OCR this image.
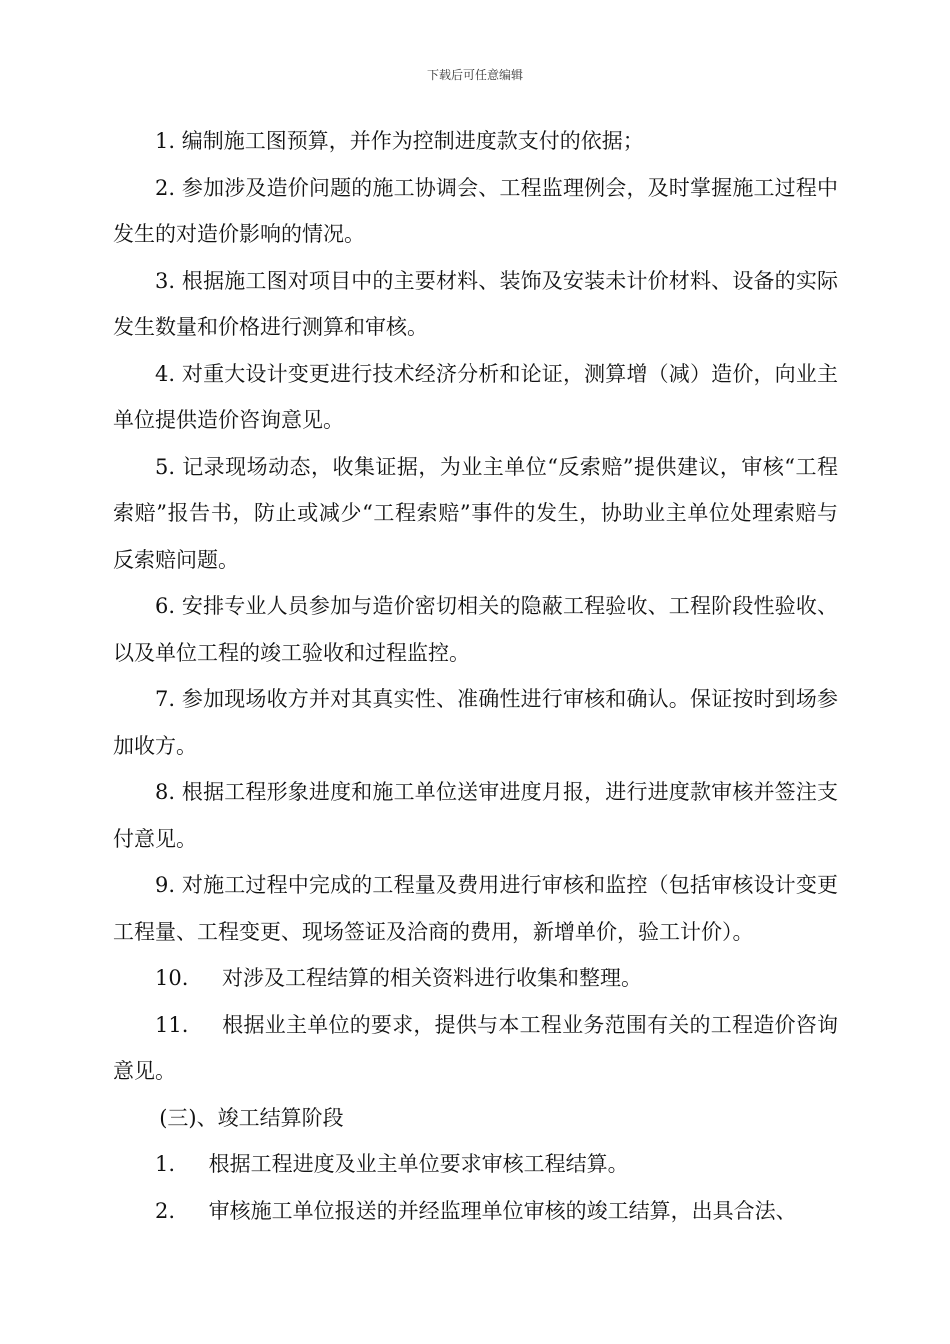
下载后可任意编辑

1. 编制施工图预算，并作为控制进度款支付的依据；

2. 参加涉及造价问题的施工协调会、工程监理例会，及时掌握施工过程中发生的对造价影响的情况。

3. 根据施工图对项目中的主要材料、装饰及安装未计价材料、设备的实际发生数量和价格进行测算和审核。

4. 对重大设计变更进行技术经济分析和论证，测算增（减）造价，向业主单位提供造价咨询意见。

5. 记录现场动态，收集证据，为业主单位“反索赔”提供建议，审核“工程索赔”报告书，防止或减少“工程索赔”事件的发生，协助业主单位处理索赔与反索赔问题。

6. 安排专业人员参加与造价密切相关的隐蔽工程验收、工程阶段性验收、以及单位工程的竣工验收和过程监控。

7. 参加现场收方并对其真实性、准确性进行审核和确认。保证按时到场参加收方。

8. 根据工程形象进度和施工单位送审进度月报，进行进度款审核并签注支付意见。

9. 对施工过程中完成的工程量及费用进行审核和监控（包括审核设计变更工程量、工程变更、现场签证及洽商的费用，新增单价，验工计价）。

10. 对涉及工程结算的相关资料进行收集和整理。

11. 根据业主单位的要求，提供与本工程业务范围有关的工程造价咨询意见。

(三)、竣工结算阶段

1. 根据工程进度及业主单位要求审核工程结算。

2. 审核施工单位报送的并经监理单位审核的竣工结算，出具合法、
